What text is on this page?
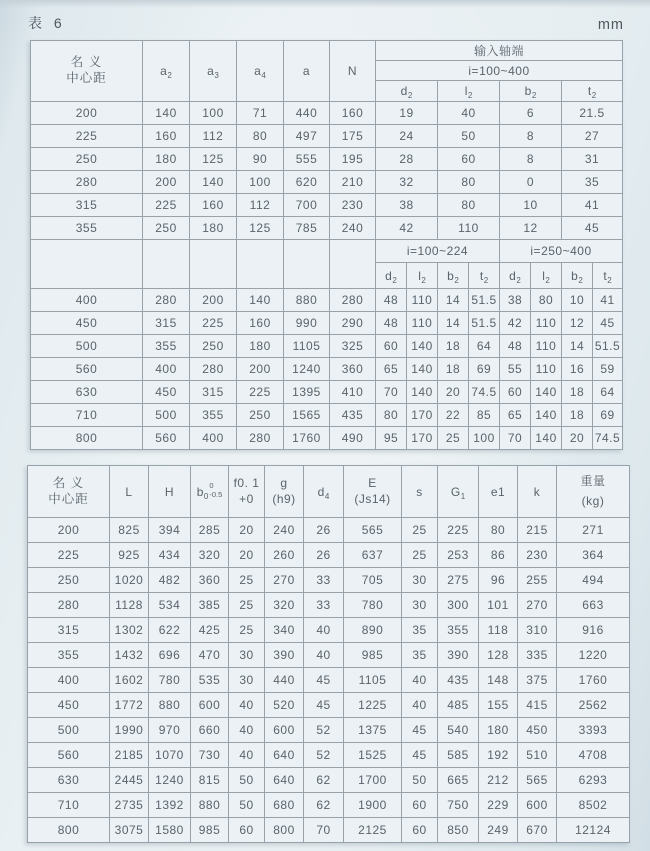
表 6	mm
名 义
中心距	$a_2$	$a_3$	$a_4$	a	N	输入轴端							
						i=100~400							
						$d_2$		$l_2$		$b_2$		$t_2$
200	140	100	71	440	160	19		40		6		21.5	
225	160	112	80	497	175	24		50		8		27	
250	180	125	90	555	195	28		60		8		31	
280	200	140	100	620	210	32		80		0		35	
315	225	160	112	700	230	38		80		10		41	
355	250	180	125	785	240	42		110		12		45	
						i=100~224				i=250~400			
						$d_2$	$l_2$	$b_2$	$t_2$	$d_2$	$l_2$	$b_2$	$t_2$
400	280	200	140	880	280	48	110	14	51.5	38	80	10	41
450	315	225	160	990	290	48	110	14	51.5	42	110	12	45
500	355	250	180	1105	325	60	140	18	64	48	110	14	51.5
560	400	280	200	1240	360	65	140	18	69	55	110	16	59
630	450	315	225	1395	410	70	140	20	74.5	60	140	18	64
710	500	355	250	1565	435	80	170	22	85	65	140	18	69
800	560	400	280	1760	490	95	170	25	100	70	140	20	74.5
名 义
中心距	L	H	$b_0$
0
-0.5

f0. 1
+0

g
(h9)	$d_4$	
E
(Js14)	s	$G_1$	e1	k	
重量
(kg)

200	825	394	285	20	240	26	565	25	225	80	215	271
225	925	434	320	20	260	26	637	25	253	86	230	364
250	1020	482	360	25	270	33	705	30	275	96	255	494
280	1128	534	385	25	320	33	780	30	300	101	270	663
315	1302	622	425	25	340	40	890	35	355	118	310	916
355	1432	696	470	30	390	40	985	35	390	128	335	1220
400	1602	780	535	30	440	45	1105	40	435	148	375	1760
450	1772	880	600	40	520	45	1225	40	485	155	415	2562
500	1990	970	660	40	600	52	1375	45	540	180	450	3393
560	2185	1070	730	40	640	52	1525	45	585	192	510	4708
630	2445	1240	815	50	640	62	1700	50	665	212	565	6293
710	2735	1392	880	50	680	62	1900	60	750	229	600	8502
800	3075	1580	985	60	800	70	2125	60	850	249	670	12124
